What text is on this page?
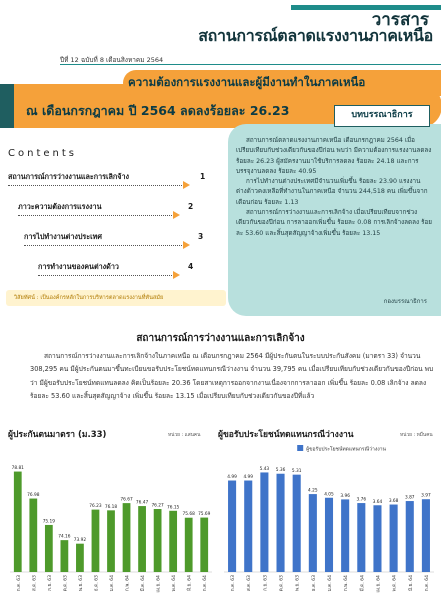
วารสาร
สถานการณ์ตลาดแรงงานภาคเหนือ
ปีที่ 12 ฉบับที่ 8 เดือนสิงหาคม 2564
ความต้องการแรงงานและผู้มีงานทำในภาคเหนือ
ณ เดือนกรกฎาคม ปี 2564 ลดลงร้อยละ 26.23	บทบรรณาธิการ

สถานการณ์ตลาดแรงงานภาคเหนือ เดือนกรกฎาคม 2564 เมื่อเปรียบเทียบกับช่วงเดียวกันของปีก่อน พบว่า มีความต้องการแรงงานลดลง ร้อยละ 26.23 ผู้สมัครงานมาใช้บริการลดลง ร้อยละ 24.18 และการบรรจุงานลดลง ร้อยละ 40.95

การไปทำงานต่างประเทศมีจำนวนเพิ่มขึ้น ร้อยละ 23.90 แรงงานต่างด้าวคงเหลือที่ทำงานในภาคเหนือ จำนวน 244,518 คน เพิ่มขึ้นจากเดือนก่อน ร้อยละ 1.13

สถานการณ์การว่างงานและการเลิกจ้าง เมื่อเปรียบเทียบจากช่วงเดียวกันของปีก่อน การลาออกเพิ่มขึ้น ร้อยละ 0.08 การเลิกจ้างลดลง ร้อยละ 53.60 และสิ้นสุดสัญญาจ้างเพิ่มขึ้น ร้อยละ 13.15

กองบรรณาธิการ
Contents
สถานการณ์การว่างงานและการเลิกจ้าง	1
ภาวะความต้องการแรงงาน	2
การไปทำงานต่างประเทศ	3
การทำงานของคนต่างด้าว	4
วิสัยทัศน์ : เป็นองค์กรหลักในการบริหารตลาดแรงงานที่ทันสมัย
สถานการณ์การว่างงานและการเลิกจ้าง
สถานการณ์การว่างงานและการเลิกจ้างในภาคเหนือ ณ เดือนกรกฎาคม 2564 มีผู้ประกันตนในระบบประกันสังคม (มาตรา 33) จำนวน 308,295 คน มีผู้ประกันตนมาขึ้นทะเบียนขอรับประโยชน์ทดแทนกรณีว่างงาน จำนวน 39,795 คน เมื่อเปรียบเทียบกับช่วงเดียวกันของปีก่อน พบว่า มีผู้ขอรับประโยชน์ทดแทนลดลง คิดเป็นร้อยละ 20.36 โดยสาเหตุการออกจากงานเนื่องจากการลาออก เพิ่มขึ้น ร้อยละ 0.08 เลิกจ้าง ลดลง ร้อยละ 53.60 และสิ้นสุดสัญญาจ้าง เพิ่มขึ้น ร้อยละ 13.15 เมื่อเปรียบเทียบกับช่วงเดียวกันของปีที่แล้ว
ผู้ประกันตนมาตรา (ม.33)	หน่วย : แสนคน
78.81
ก.ค. 63
76.98
ส.ค. 63
75.19
ก.ย. 63
74.16
ต.ค. 63
73.92
พ.ย. 63
76.23
ธ.ค. 63
76.18
ม.ค. 64
76.67
ก.พ. 64
76.47
มี.ค. 64
76.27
เม.ย. 64
76.15
พ.ค. 64
75.68
มิ.ย. 64
75.69
ก.ค. 64
ผู้ขอรับประโยชน์ทดแทนกรณีว่างงาน	หน่วย : หมื่นคน
ผู้ขอรับประโยชน์ทดแทนกรณีว่างงาน
4.99
ก.ค. 63
4.99
ส.ค. 63
5.43
ก.ย. 63
5.36
ต.ค. 63
5.31
พ.ย. 63
4.25
ธ.ค. 63
4.05
ม.ค. 64
3.96
ก.พ. 64
3.76
มี.ค. 64
3.64
เม.ย. 64
3.68
พ.ค. 64
3.87
มิ.ย. 64
3.97
ก.ค. 64
